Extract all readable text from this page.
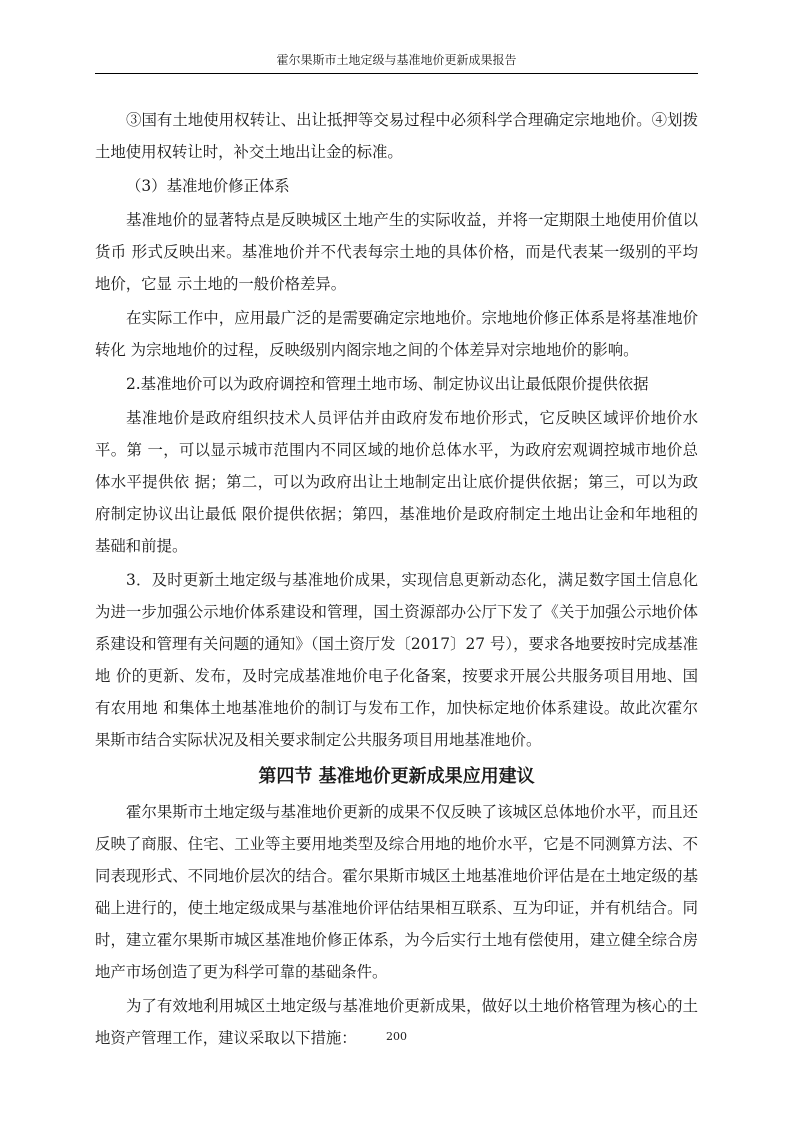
霍尔果斯市土地定级与基准地价更新成果报告

③国有土地使用权转让、出让抵押等交易过程中必须科学合理确定宗地地价。④划拨土地使用权转让时，补交土地出让金的标准。

（3）基准地价修正体系

基准地价的显著特点是反映城区土地产生的实际收益，并将一定期限土地使用价值以货币 形式反映出来。基准地价并不代表每宗土地的具体价格，而是代表某一级别的平均地价，它显 示土地的一般价格差异。

在实际工作中，应用最广泛的是需要确定宗地地价。宗地地价修正体系是将基准地价转化 为宗地地价的过程，反映级别内阁宗地之间的个体差异对宗地地价的影响。

2.基准地价可以为政府调控和管理土地市场、制定协议出让最低限价提供依据

基准地价是政府组织技术人员评估并由政府发布地价形式，它反映区域评价地价水平。第 一，可以显示城市范围内不同区域的地价总体水平，为政府宏观调控城市地价总体水平提供依 据；第二，可以为政府出让土地制定出让底价提供依据；第三，可以为政府制定协议出让最低 限价提供依据；第四，基准地价是政府制定土地出让金和年地租的基础和前提。

3．及时更新土地定级与基准地价成果，实现信息更新动态化，满足数字国土信息化 为进一步加强公示地价体系建设和管理，国土资源部办公厅下发了《关于加强公示地价体 系建设和管理有关问题的通知》（国土资厅发〔2017〕27 号），要求各地要按时完成基准地 价的更新、发布，及时完成基准地价电子化备案，按要求开展公共服务项目用地、国有农用地 和集体土地基准地价的制订与发布工作，加快标定地价体系建设。故此次霍尔果斯市结合实际状况及相关要求制定公共服务项目用地基准地价。

第四节 基准地价更新成果应用建议

霍尔果斯市土地定级与基准地价更新的成果不仅反映了该城区总体地价水平，而且还反映了商服、住宅、工业等主要用地类型及综合用地的地价水平，它是不同测算方法、不同表现形式、不同地价层次的结合。霍尔果斯市城区土地基准地价评估是在土地定级的基础上进行的，使土地定级成果与基准地价评估结果相互联系、互为印证，并有机结合。同时，建立霍尔果斯市城区基准地价修正体系，为今后实行土地有偿使用，建立健全综合房地产市场创造了更为科学可靠的基础条件。

为了有效地利用城区土地定级与基准地价更新成果，做好以土地价格管理为核心的土地资产管理工作，建议采取以下措施：	200
